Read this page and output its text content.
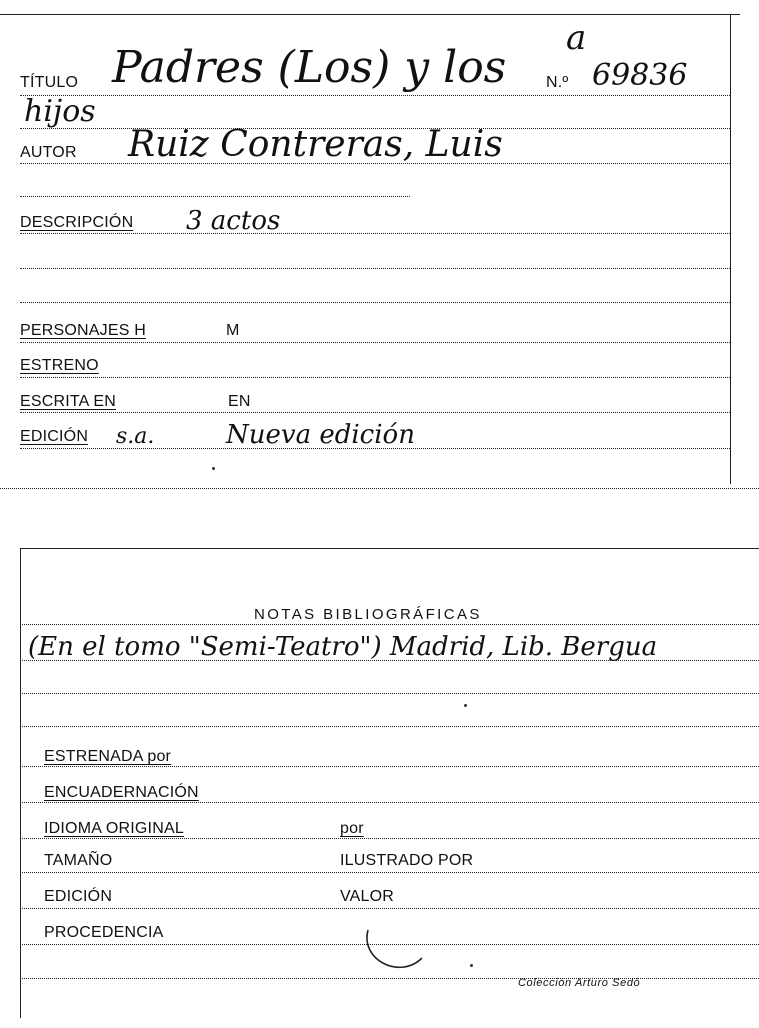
TÍTULO Padres (Los) y los N.º 69836
a
hijos
AUTOR Ruiz Contreras, Luis
DESCRIPCIÓN 3 actos
PERSONAJES H	M
ESTRENO
ESCRITA EN	EN
EDICIÓN s.a.	Nueva edición
NOTAS BIBLIOGRÁFICAS
(En el tomo "Semi-Teatro") Madrid, Lib. Bergua
ESTRENADA por
ENCUADERNACIÓN
IDIOMA ORIGINAL	por
TAMAÑO	ILUSTRADO POR
EDICIÓN	VALOR
PROCEDENCIA
Colección Arturo Sedó
